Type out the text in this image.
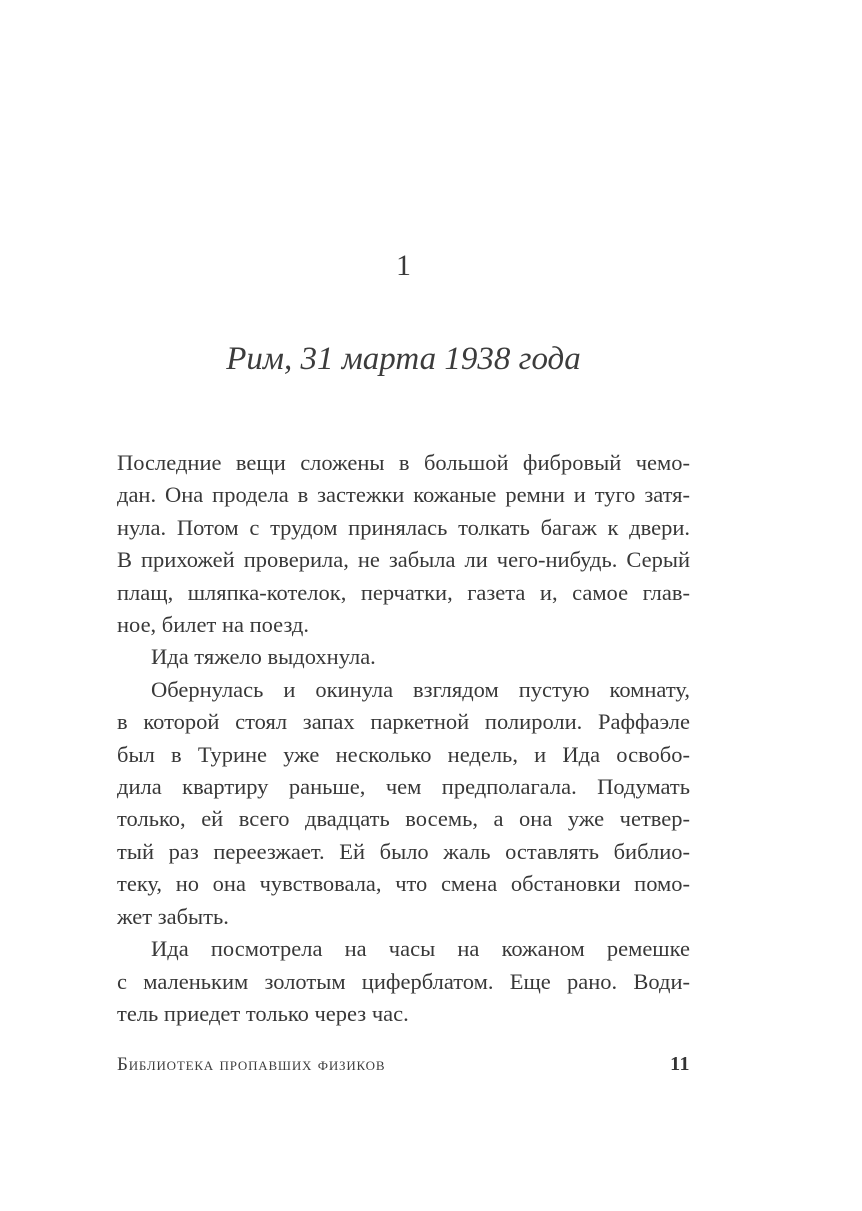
1
Рим, 31 марта 1938 года
Последние вещи сложены в большой фибровый чемо-
дан. Она продела в застежки кожаные ремни и туго затя-
нула. Потом с трудом принялась толкать багаж к двери.
В прихожей проверила, не забыла ли чего-нибудь. Серый
плащ, шляпка-котелок, перчатки, газета и, самое глав-
ное, билет на поезд.
Ида тяжело выдохнула.
Обернулась и окинула взглядом пустую комнату,
в которой стоял запах паркетной полироли. Раффаэле
был в Турине уже несколько недель, и Ида освобо-
дила квартиру раньше, чем предполагала. Подумать
только, ей всего двадцать восемь, а она уже четвер-
тый раз переезжает. Ей было жаль оставлять библио-
теку, но она чувствовала, что смена обстановки помо-
жет забыть.
Ида посмотрела на часы на кожаном ремешке
с маленьким золотым циферблатом. Еще рано. Води-
тель приедет только через час.
Библиотека пропавших физиков	11
